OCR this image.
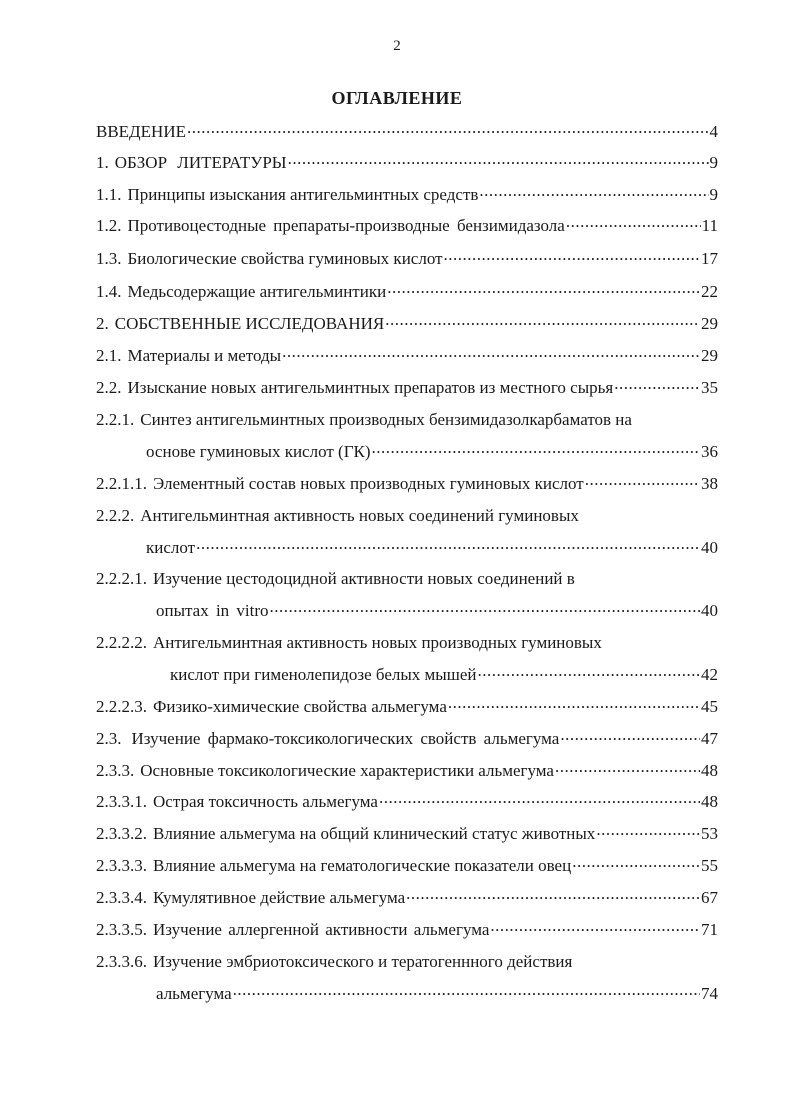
2
ОГЛАВЛЕНИЕ
ВВЕДЕНИЕ .....	4
1. ОБЗОР ЛИТЕРАТУРЫ .....	9
1.1. Принципы изыскания антигельминтных средств .....	9
1.2. Противоцестодные препараты-производные бензимидазола .....	11
1.3. Биологические свойства гуминовых кислот .....	17
1.4. Медьсодержащие антигельминтики .....	22
2. СОБСТВЕННЫЕ ИССЛЕДОВАНИЯ .....	29
2.1. Материалы и методы .....	29
2.2. Изыскание новых антигельминтных препаратов из местного сырья .....	35
2.2.1. Синтез антигельминтных производных бензимидазолкарбаматов на
основе гуминовых кислот (ГК) .....	36
2.2.1.1. Элементный состав новых производных гуминовых кислот .....	38
2.2.2. Антигельминтная активность новых соединений гуминовых
кислот .....	40
2.2.2.1. Изучение цестодоцидной активности новых соединений в
опытах in vitro .....	40
2.2.2.2. Антигельминтная активность новых производных гуминовых
кислот при гименолепидозе белых мышей .....	42
2.2.2.3. Физико-химические свойства альмегума .....	45
2.3. Изучение фармако-токсикологических свойств альмегума .....	47
2.3.3. Основные токсикологические характеристики альмегума .....	48
2.3.3.1. Острая токсичность альмегума .....	48
2.3.3.2. Влияние альмегума на общий клинический статус животных .....	53
2.3.3.3. Влияние альмегума на гематологические показатели овец .....	55
2.3.3.4. Кумулятивное действие альмегума .....	67
2.3.3.5. Изучение аллергенной активности альмегума .....	71
2.3.3.6. Изучение эмбриотоксического и тератогеннного действия
альмегума .....	74
